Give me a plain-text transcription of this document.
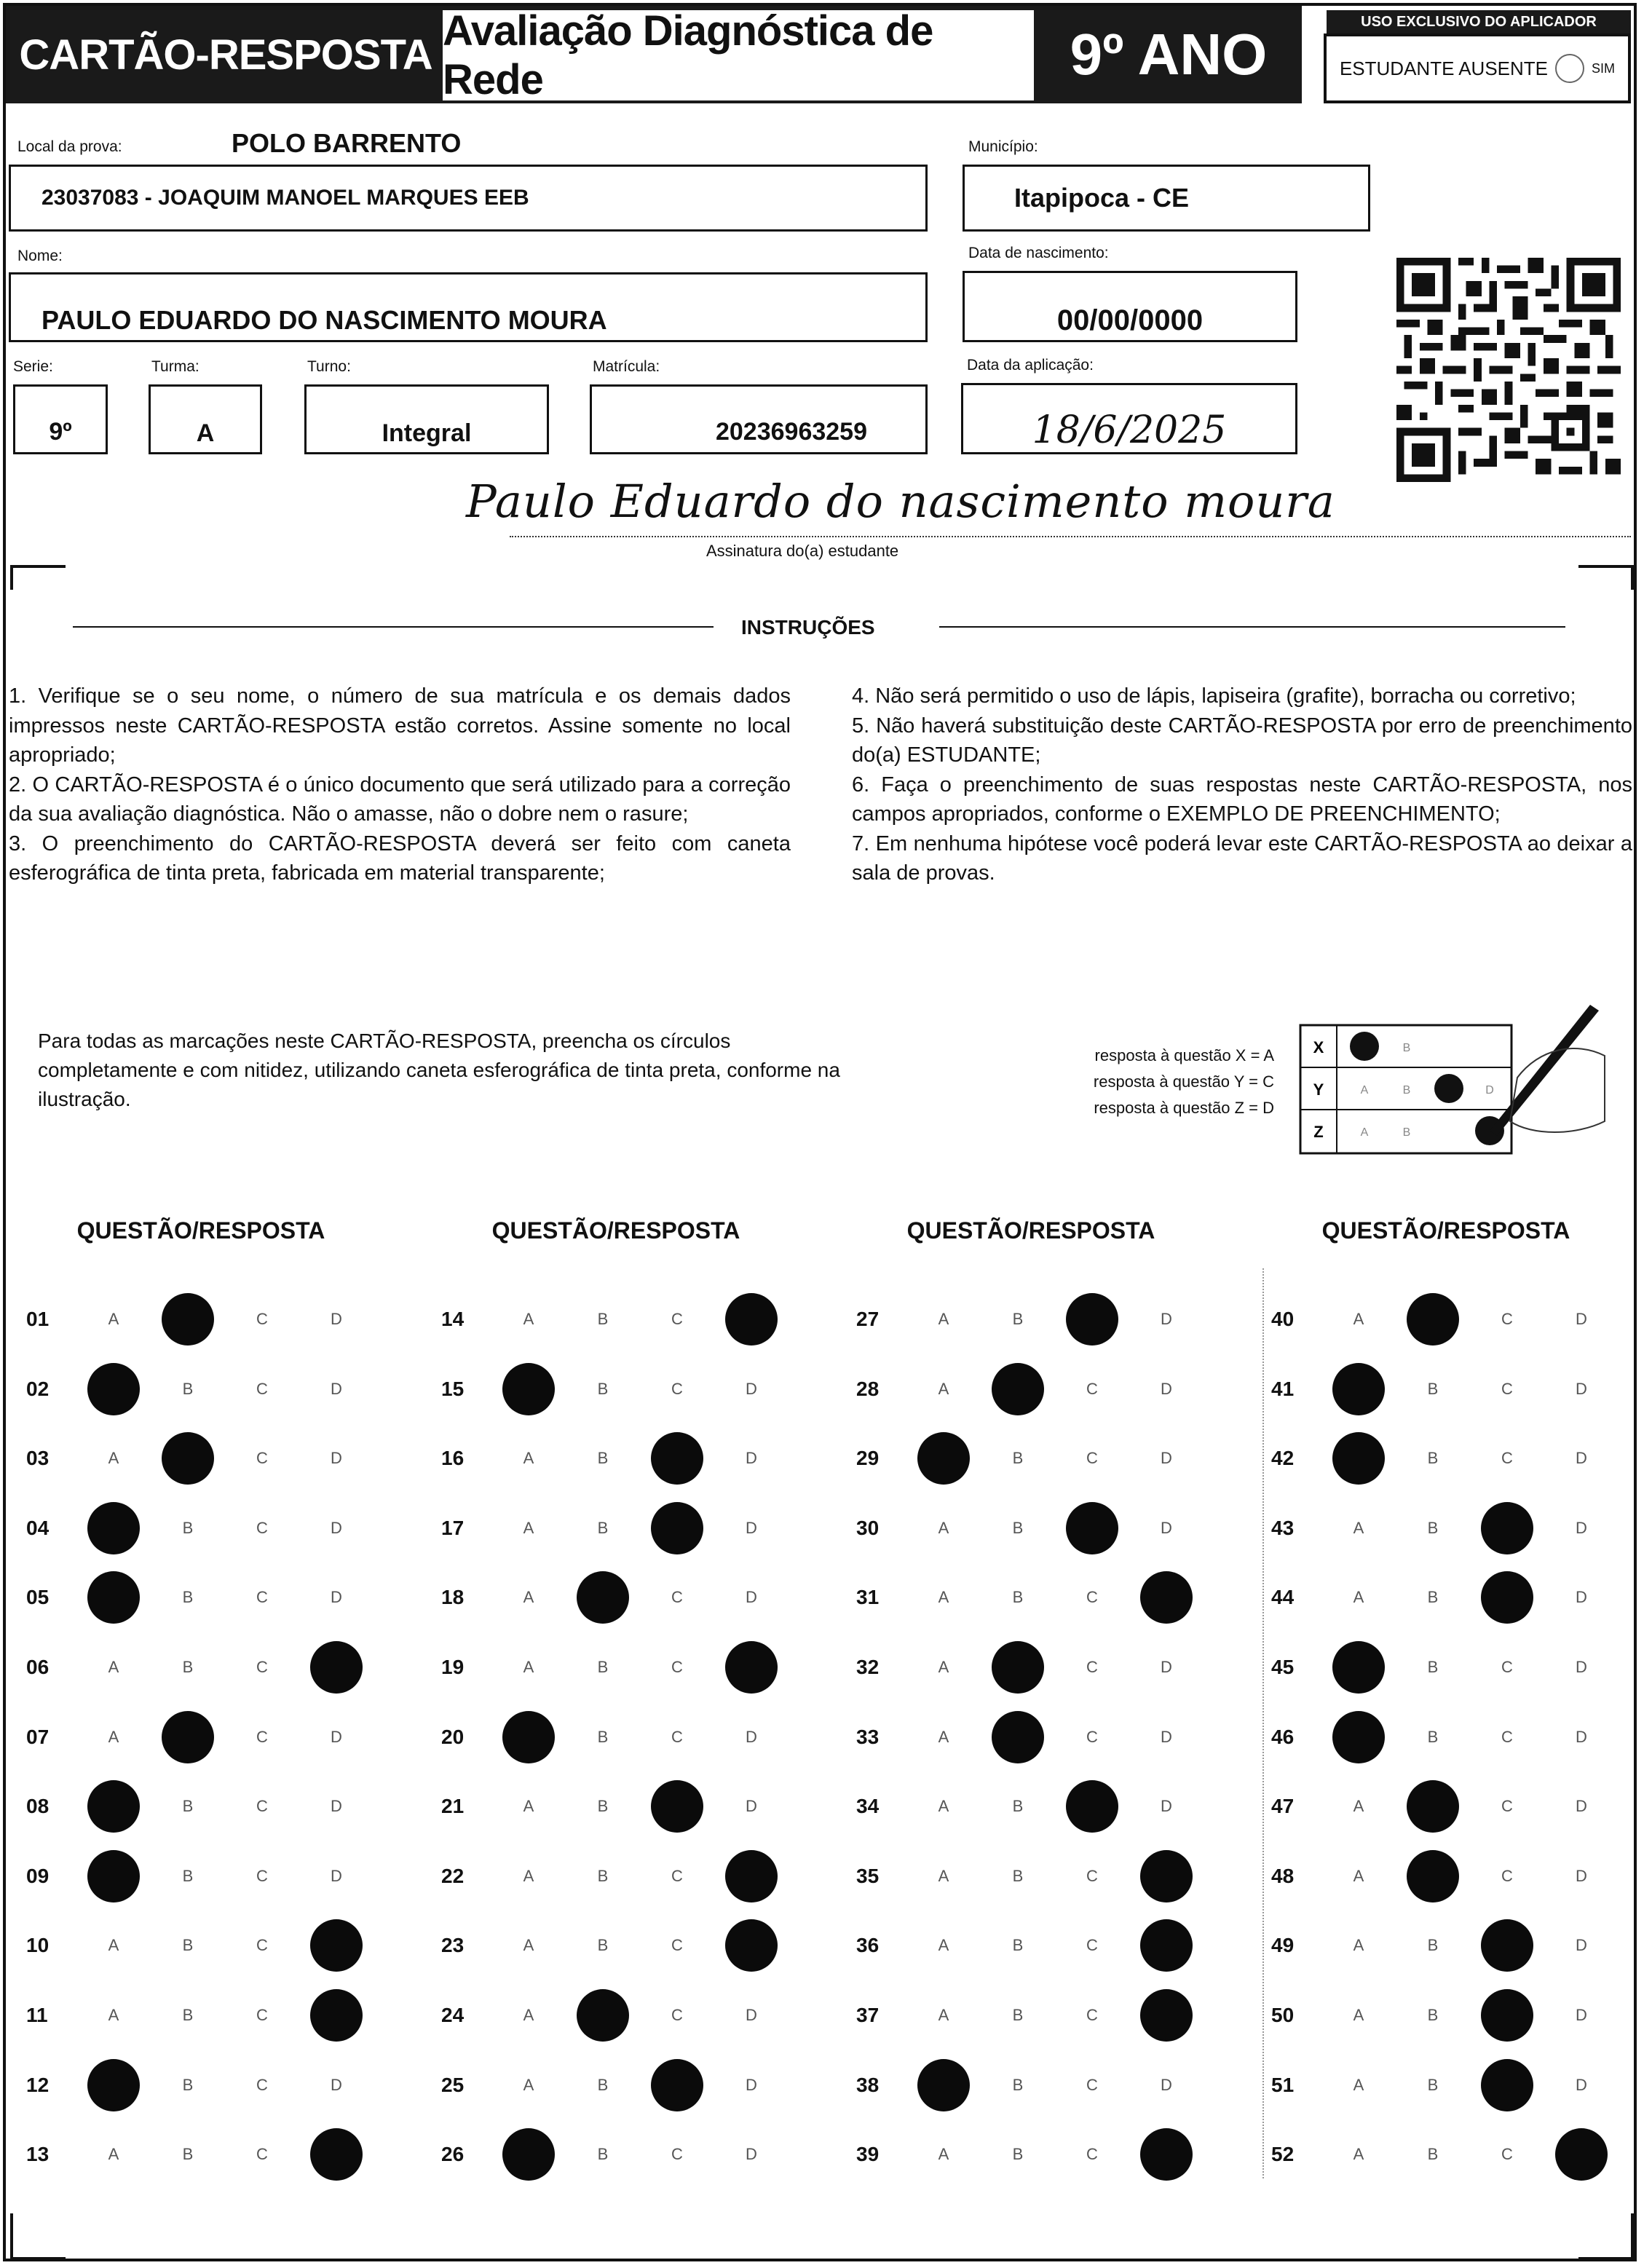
CARTÃO-RESPOSTA Avaliação Diagnóstica de Rede	9º ANO
USO EXCLUSIVO DO APLICADOR
ESTUDANTE AUSENTE	SIM
Local da prova:	POLO BARRENTO
23037083 - JOAQUIM MANOEL MARQUES EEB
Município:
Itapipoca - CE
Nome:
PAULO EDUARDO DO NASCIMENTO MOURA
Data de nascimento:
00/00/0000
Serie:
9º
Turma:
A
Turno:
Integral
Matrícula:
20236963259
Data da aplicação:
18/6/2025
Paulo Eduardo do nascimento moura
Assinatura do(a) estudante
INSTRUÇÕES

1. Verifique se o seu nome, o número de sua matrícula e os demais dados impressos neste CARTÃO-RESPOSTA estão corretos. Assine somente no local apropriado;

2. O CARTÃO-RESPOSTA é o único documento que será utilizado para a correção da sua avaliação diagnóstica. Não o amasse, não o dobre nem o rasure;

3. O preenchimento do CARTÃO-RESPOSTA deverá ser feito com caneta esferográfica de tinta preta, fabricada em material transparente;

4. Não será permitido o uso de lápis, lapiseira (grafite), borracha ou corretivo;

5. Não haverá substituição deste CARTÃO-RESPOSTA por erro de preenchimento do(a) ESTUDANTE;

6. Faça o preenchimento de suas respostas neste CARTÃO-RESPOSTA, nos campos apropriados, conforme o EXEMPLO DE PREENCHIMENTO;

7. Em nenhuma hipótese você poderá levar este CARTÃO-RESPOSTA ao deixar a sala de provas.

Para todas as marcações neste CARTÃO-RESPOSTA, preencha os círculos completamente e com nitidez, utilizando caneta esferográfica de tinta preta, conforme na ilustração.
resposta à questão X = A
resposta à questão Y = C
resposta à questão Z = D
X
Y
Z
B
A	B	D
A	B
QUESTÃO/RESPOSTA	QUESTÃO/RESPOSTA	QUESTÃO/RESPOSTA	QUESTÃO/RESPOSTA
01	A	C	D
02	B	C	D
03	A	C	D
04	B	C	D
05	B	C	D
06	A	B	C
07	A	C	D
08	B	C	D
09	B	C	D
10	A	B	C
11	A	B	C
12	B	C	D
13	A	B	C
14	A	B	C
15	B	C	D
16	A	B	D
17	A	B	D
18	A	C	D
19	A	B	C
20	B	C	D
21	A	B	D
22	A	B	C
23	A	B	C
24	A	C	D
25	A	B	D
26	B	C	D
27	A	B	D
28	A	C	D
29	B	C	D
30	A	B	D
31	A	B	C
32	A	C	D
33	A	C	D
34	A	B	D
35	A	B	C
36	A	B	C
37	A	B	C
38	B	C	D
39	A	B	C
40	A	C	D
41	B	C	D
42	B	C	D
43	A	B	D
44	A	B	D
45	B	C	D
46	B	C	D
47	A	C	D
48	A	C	D
49	A	B	D
50	A	B	D
51	A	B	D
52	A	B	C
